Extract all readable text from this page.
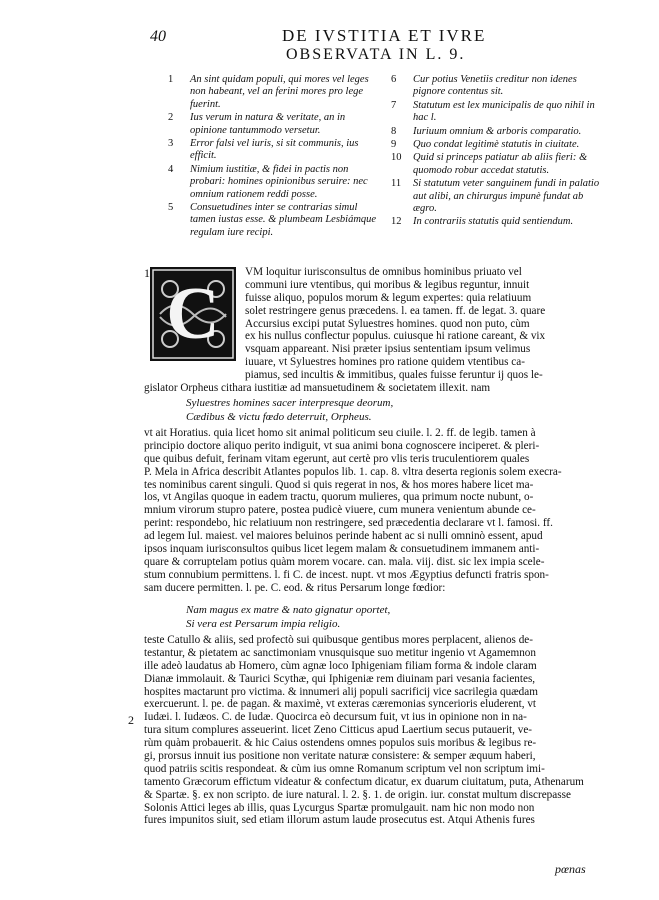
40	DE IVSTITIA ET IVRE
OBSERVATA IN L. 9.
1 An sint quidam populi, qui mores vel leges non habeant, vel an ferini mores pro lege fuerint.
2 Ius verum in natura & veritate, an in opinione tantummodo versetur.
3 Error falsi vel iuris, si sit communis, ius efficit.
4 Nimium iustitiæ, & fidei in pactis non probari: homines opinionibus seruire: nec omnium rationem reddi posse.
5 Consuetudines inter se contrarias simul tamen iustas esse. & plumbeam Lesbiámque regulam iure recipi.
6 Cur potius Venetiis creditur non idenes pignore contentus sit.
7 Statutum est lex municipalis de quo nihil in hac l.
8 Iuriuum omnium & arboris comparatio.
9 Quo condat legitimè statutis in ciuitate.
10 Quid si princeps patiatur ab aliis fieri: & quomodo robur accedat statutis.
11 Si statutum veter sanguinem fundi in palatio aut alibi, an chirurgus impunè fundat ab ægro.
12 In contrariis statutis quid sentiendum.
1
2
C
VM loquitur iurisconsultus de omnibus hominibus priuato vel
communi iure vtentibus, qui moribus & legibus reguntur, innuit
fuisse aliquo, populos morum & legum expertes: quia relatiuum
solet restringere genus præcedens. l. ea tamen. ff. de legat. 3. quare
Accursius excipi putat Syluestres homines. quod non puto, cùm
ex his nullus conflectur populus. cuiusque hi ratione careant, & vix
vsquam appareant. Nisi præter ipsius sententiam ipsum velimus
iuuare, vt Syluestres homines pro ratione quidem vtentibus ca-
piamus, sed incultis & immitibus, quales fuisse feruntur ij quos le-
gislator Orpheus cithara iustitiæ ad mansuetudinem & societatem illexit. nam
Syluestres homines sacer interpresque deorum,
Cædibus & victu fœdo deterruit, Orpheus.
vt ait Horatius. quia licet homo sit animal politicum seu ciuile. l. 2. ff. de legib. tamen à
principio doctore aliquo perito indiguit, vt sua animi bona cognoscere inciperet. & pleri-
que quibus defuit, ferinam vitam egerunt, aut certè pro vlis teris truculentiorem quales
P. Mela in Africa describit Atlantes populos lib. 1. cap. 8. vltra deserta regionis solem execra-
tes nominibus carent singuli. Quod si quis regerat in nos, & hos mores habere licet ma-
los, vt Angilas quoque in eadem tractu, quorum mulieres, qua primum nocte nubunt, o-
mnium virorum stupro patere, postea pudicè viuere, cum munera venientum abunde ce-
perint: respondebo, hic relatiuum non restringere, sed præcedentia declarare vt l. famosi. ff.
ad legem Iul. maiest. vel maiores beluinos perinde habent ac si nulli omninò essent, apud
ipsos inquam iurisconsultos quibus licet legem malam & consuetudinem immanem anti-
quare & corruptelam potius quàm morem vocare. can. mala. viij. dist. sic lex impia scele-
stum connubium permittens. l. fi C. de incest. nupt. vt mos Ægyptius defuncti fratris spon-
sam ducere permitten. l. pe. C. eod. & ritus Persarum longe fœdior:
Nam magus ex matre & nato gignatur oportet,
Si vera est Persarum impia religio.
teste Catullo & aliis, sed profectò sui quibusque gentibus mores perplacent, alienos de-
testantur, & pietatem ac sanctimoniam vnusquisque suo metitur ingenio vt Agamemnon
ille adeò laudatus ab Homero, cùm agnæ loco Iphigeniam filiam forma & indole claram
Dianæ immolauit. & Taurici Scythæ, qui Iphigeniæ rem diuinam pari vesania facientes,
hospites mactarunt pro victima. & innumeri alij populi sacrificij vice sacrilegia quædam
exercuerunt. l. pe. de pagan. & maximè, vt exteras cæremonias syncerioris eluderent, vt
Iudæi. l. Iudæos. C. de Iudæ. Quocirca eò decursum fuit, vt ius in opinione non in na-
tura situm complures asseuerint. licet Zeno Citticus apud Laertium secus putauerit, ve-
rùm quàm probauerit. & hic Caius ostendens omnes populos suis moribus & legibus re-
gi, prorsus innuit ius positione non veritate naturæ consistere: & semper æquum haberi,
quod patriis scitis respondeat. & cùm ius omne Romanum scriptum vel non scriptum imi-
tamento Græcorum effictum videatur & confectum dicatur, ex duarum ciuitatum, puta, Athenarum
& Spartæ. §. ex non scripto. de iure natural. l. 2. §. 1. de origin. iur. constat multum discrepasse
Solonis Attici leges ab illis, quas Lycurgus Spartæ promulgauit. nam hic non modo non
fures impunitos siuit, sed etiam illorum astum laude prosecutus est. Atqui Athenis fures
pœnas
